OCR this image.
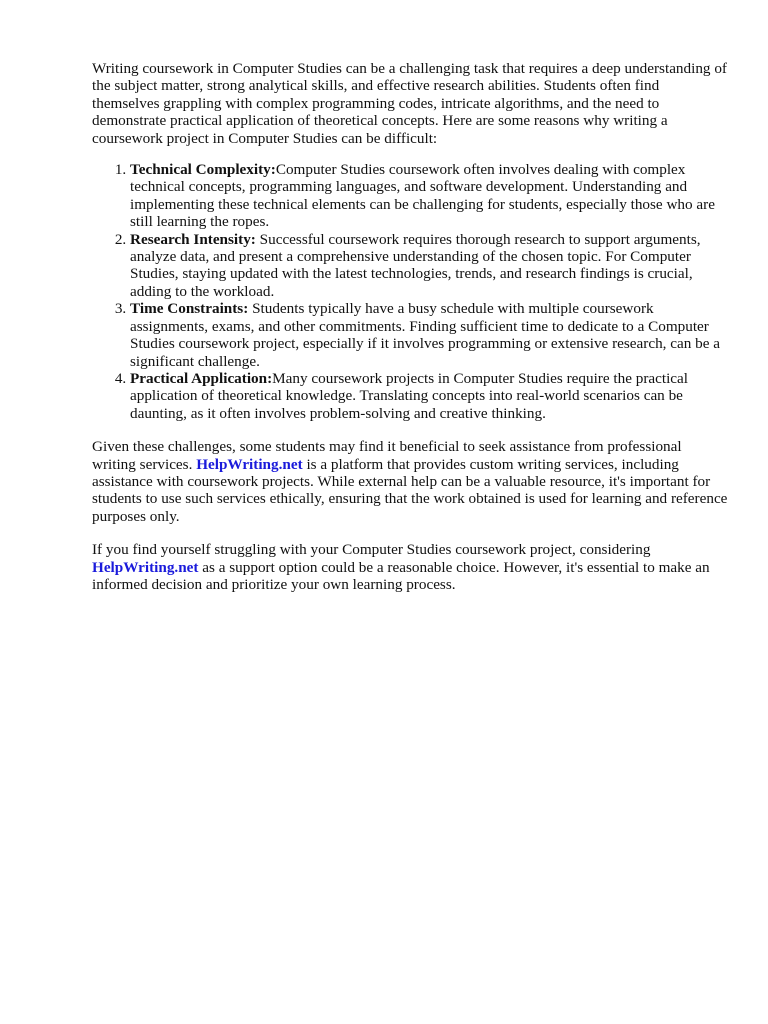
Writing coursework in Computer Studies can be a challenging task that requires a deep understanding of the subject matter, strong analytical skills, and effective research abilities. Students often find themselves grappling with complex programming codes, intricate algorithms, and the need to demonstrate practical application of theoretical concepts. Here are some reasons why writing a coursework project in Computer Studies can be difficult:

1. Technical Complexity:Computer Studies coursework often involves dealing with complex technical concepts, programming languages, and software development. Understanding and implementing these technical elements can be challenging for students, especially those who are still learning the ropes.
2. Research Intensity: Successful coursework requires thorough research to support arguments, analyze data, and present a comprehensive understanding of the chosen topic. For Computer Studies, staying updated with the latest technologies, trends, and research findings is crucial, adding to the workload.
3. Time Constraints: Students typically have a busy schedule with multiple coursework assignments, exams, and other commitments. Finding sufficient time to dedicate to a Computer Studies coursework project, especially if it involves programming or extensive research, can be a significant challenge.
4. Practical Application:Many coursework projects in Computer Studies require the practical application of theoretical knowledge. Translating concepts into real-world scenarios can be daunting, as it often involves problem-solving and creative thinking.

Given these challenges, some students may find it beneficial to seek assistance from professional writing services. HelpWriting.net is a platform that provides custom writing services, including assistance with coursework projects. While external help can be a valuable resource, it's important for students to use such services ethically, ensuring that the work obtained is used for learning and reference purposes only.

If you find yourself struggling with your Computer Studies coursework project, considering HelpWriting.net as a support option could be a reasonable choice. However, it's essential to make an informed decision and prioritize your own learning process.
